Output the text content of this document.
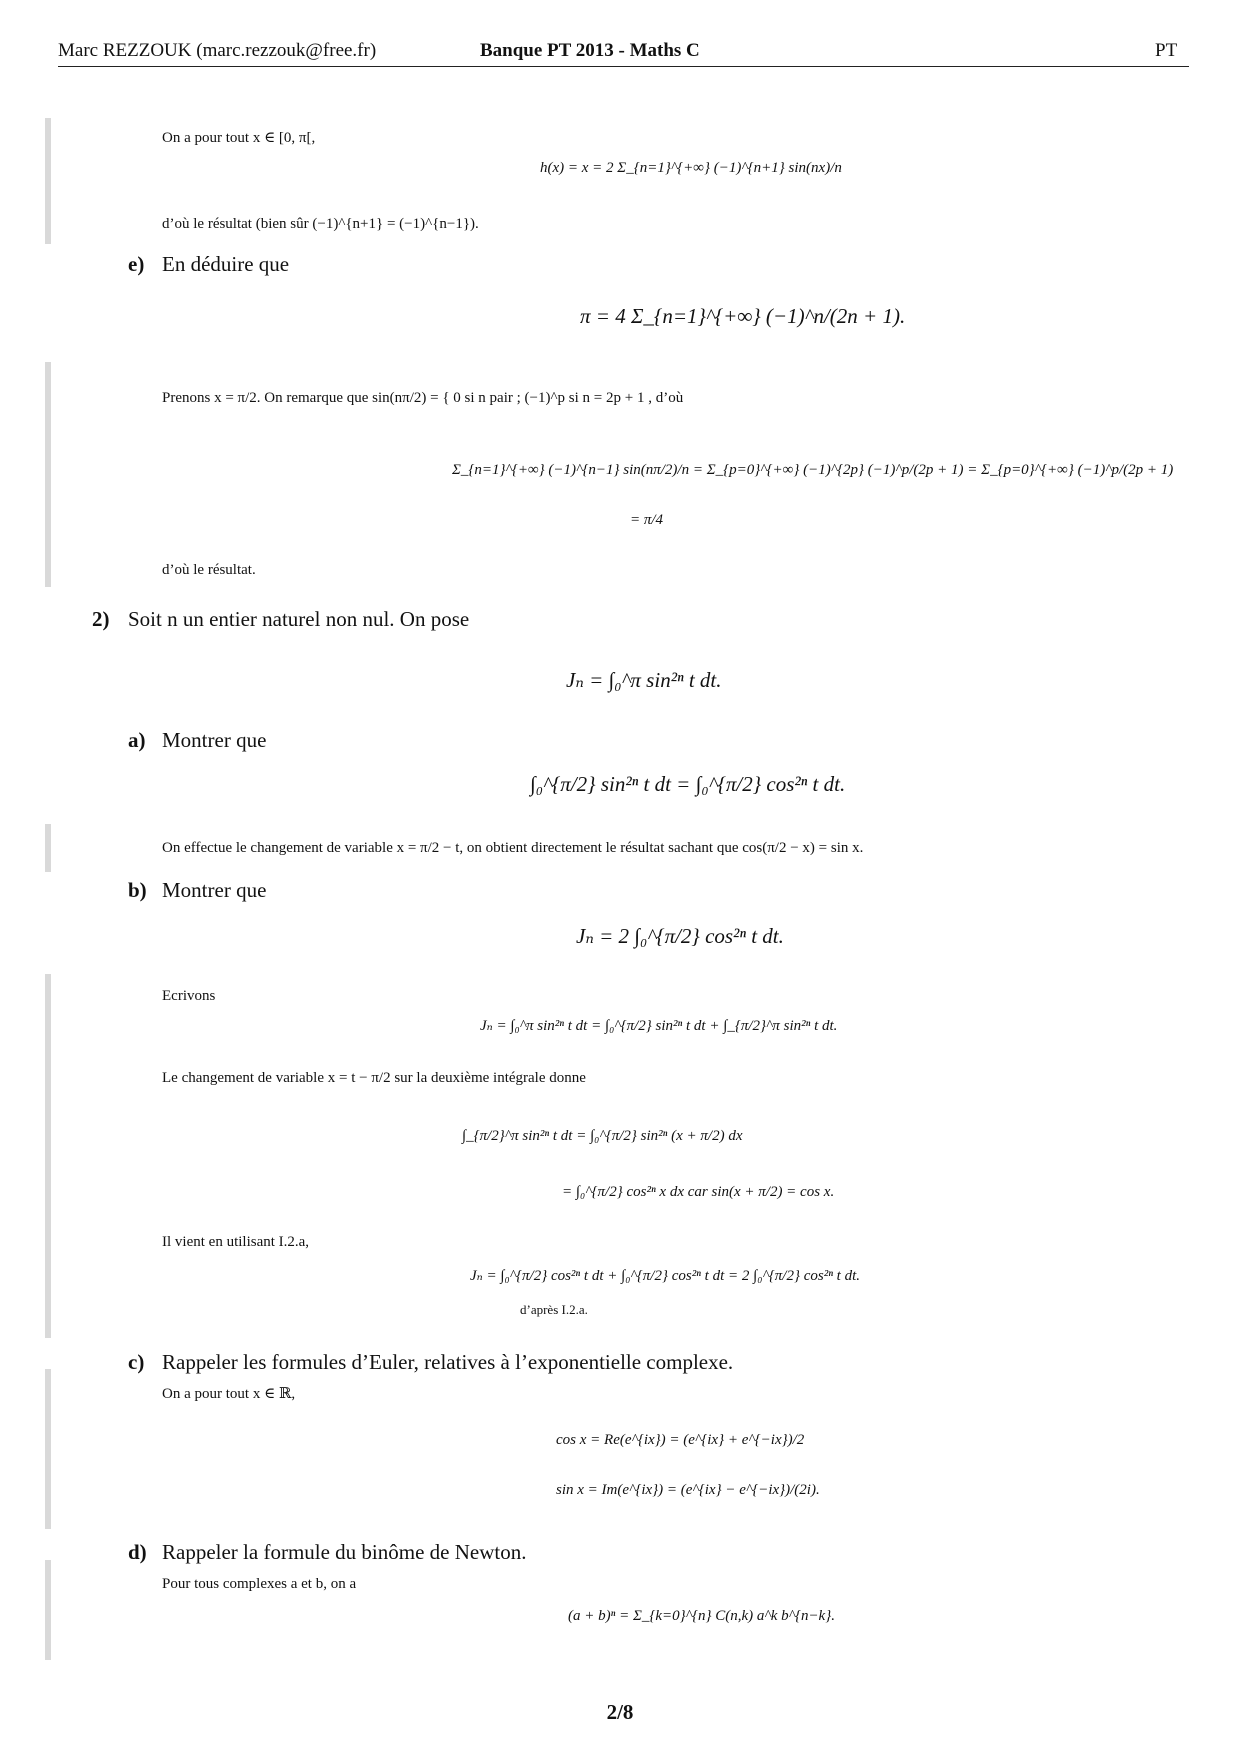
Marc REZZOUK (marc.rezzouk@free.fr)	Banque PT 2013 - Maths C	PT
On a pour tout x ∈ [0, π[,
h(x) = x = 2 Σ_{n=1}^{+∞} (−1)^{n+1} sin(nx)/n
d’où le résultat (bien sûr (−1)^{n+1} = (−1)^{n−1}).
e) En déduire que
π = 4 Σ_{n=1}^{+∞} (−1)^n/(2n + 1).
Prenons x = π/2. On remarque que sin(nπ/2) = { 0 si n pair ; (−1)^p si n = 2p + 1 , d’où
Σ_{n=1}^{+∞} (−1)^{n−1} sin(nπ/2)/n = Σ_{p=0}^{+∞} (−1)^{2p} (−1)^p/(2p + 1) = Σ_{p=0}^{+∞} (−1)^p/(2p + 1)
= π/4
d’où le résultat.
2) Soit n un entier naturel non nul. On pose
Jₙ = ∫₀^π sin²ⁿ t dt.
a) Montrer que
∫₀^{π/2} sin²ⁿ t dt = ∫₀^{π/2} cos²ⁿ t dt.
On effectue le changement de variable x = π/2 − t, on obtient directement le résultat sachant que cos(π/2 − x) = sin x.
b) Montrer que
Jₙ = 2 ∫₀^{π/2} cos²ⁿ t dt.
Ecrivons
Jₙ = ∫₀^π sin²ⁿ t dt = ∫₀^{π/2} sin²ⁿ t dt + ∫_{π/2}^π sin²ⁿ t dt.
Le changement de variable x = t − π/2 sur la deuxième intégrale donne
∫_{π/2}^π sin²ⁿ t dt = ∫₀^{π/2} sin²ⁿ (x + π/2) dx
= ∫₀^{π/2} cos²ⁿ x dx car sin(x + π/2) = cos x.
Il vient en utilisant I.2.a,
Jₙ = ∫₀^{π/2} cos²ⁿ t dt + ∫₀^{π/2} cos²ⁿ t dt = 2 ∫₀^{π/2} cos²ⁿ t dt.
d’après I.2.a.
c) Rappeler les formules d’Euler, relatives à l’exponentielle complexe.
On a pour tout x ∈ ℝ,
cos x = Re(e^{ix}) = (e^{ix} + e^{−ix})/2
sin x = Im(e^{ix}) = (e^{ix} − e^{−ix})/(2i).
d) Rappeler la formule du binôme de Newton.
Pour tous complexes a et b, on a
(a + b)ⁿ = Σ_{k=0}^{n} C(n,k) a^k b^{n−k}.
2/8
